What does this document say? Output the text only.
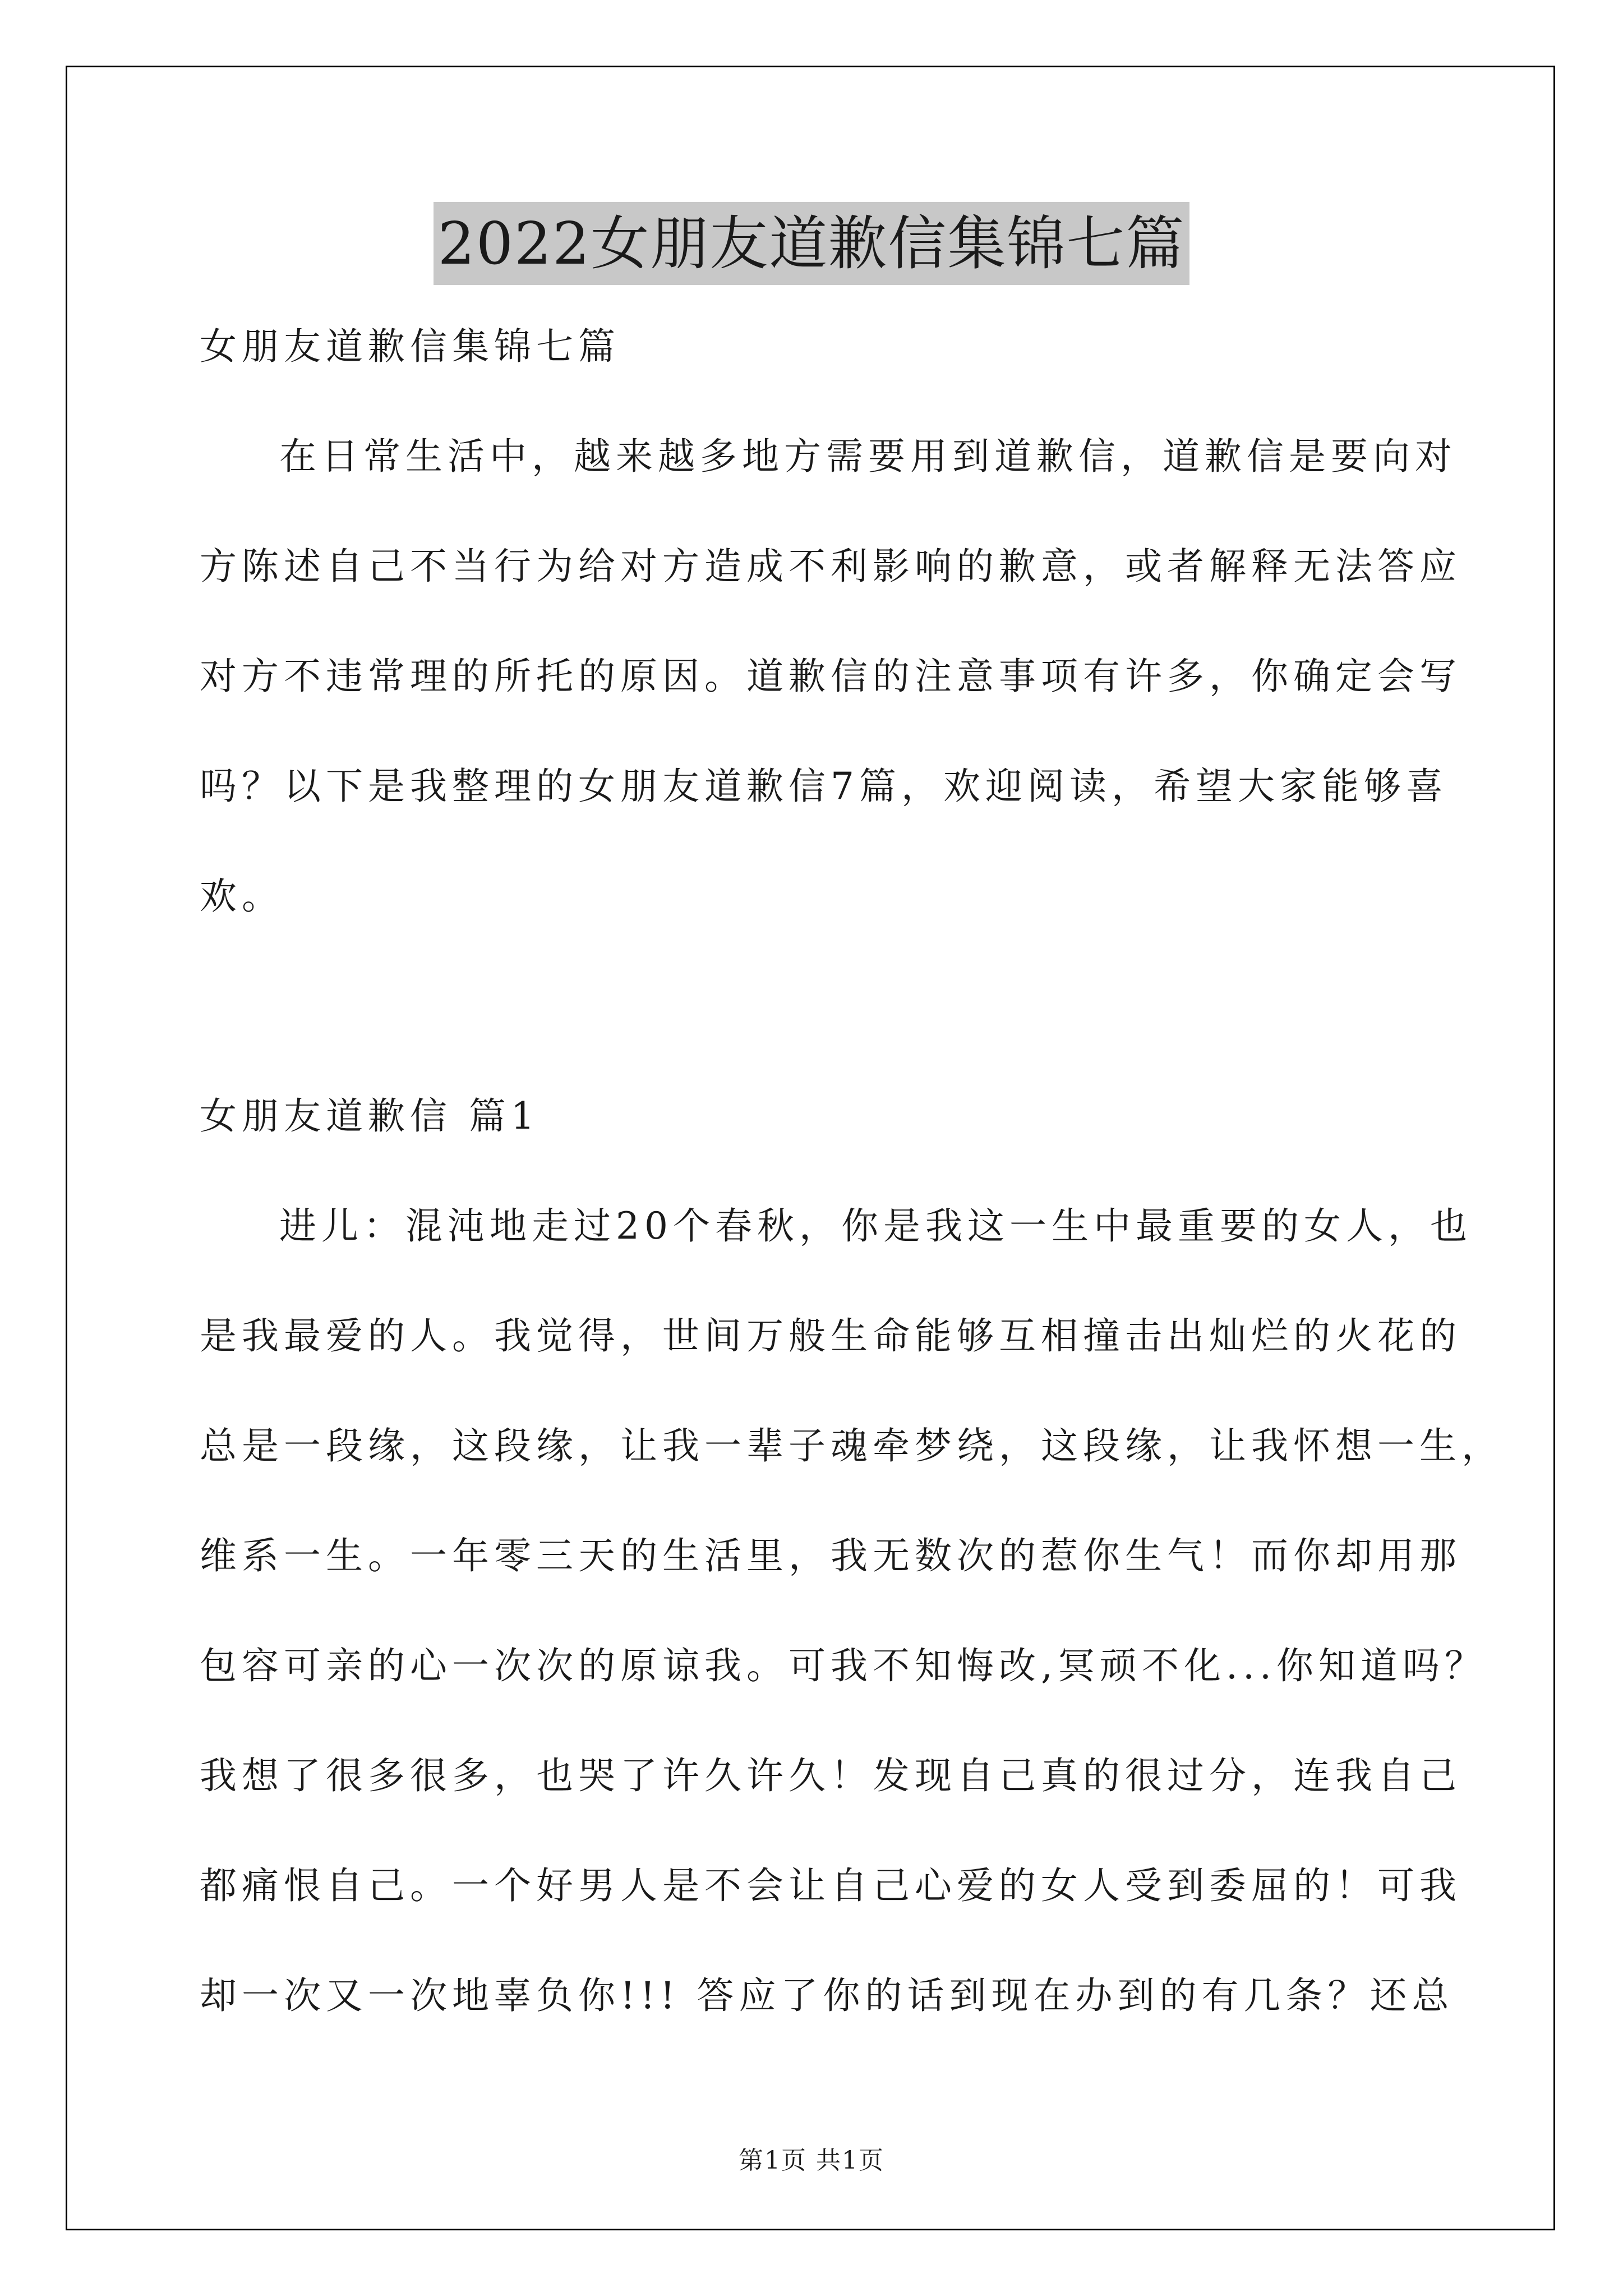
2022女朋友道歉信集锦七篇
女朋友道歉信集锦七篇
在日常生活中，越来越多地方需要用到道歉信，道歉信是要向对
方陈述自己不当行为给对方造成不利影响的歉意，或者解释无法答应
对方不违常理的所托的原因。道歉信的注意事项有许多，你确定会写
吗？以下是我整理的女朋友道歉信7篇，欢迎阅读，希望大家能够喜
欢。
女朋友道歉信 篇1
进儿：混沌地走过20个春秋，你是我这一生中最重要的女人，也
是我最爱的人。我觉得，世间万般生命能够互相撞击出灿烂的火花的
总是一段缘，这段缘，让我一辈子魂牵梦绕，这段缘，让我怀想一生，
维系一生。一年零三天的生活里，我无数次的惹你生气！而你却用那
包容可亲的心一次次的原谅我。可我不知悔改,冥顽不化...你知道吗？
我想了很多很多，也哭了许久许久！发现自己真的很过分，连我自己
都痛恨自己。一个好男人是不会让自己心爱的女人受到委屈的！可我
却一次又一次地辜负你!!! 答应了你的话到现在办到的有几条？还总
第1页 共1页
